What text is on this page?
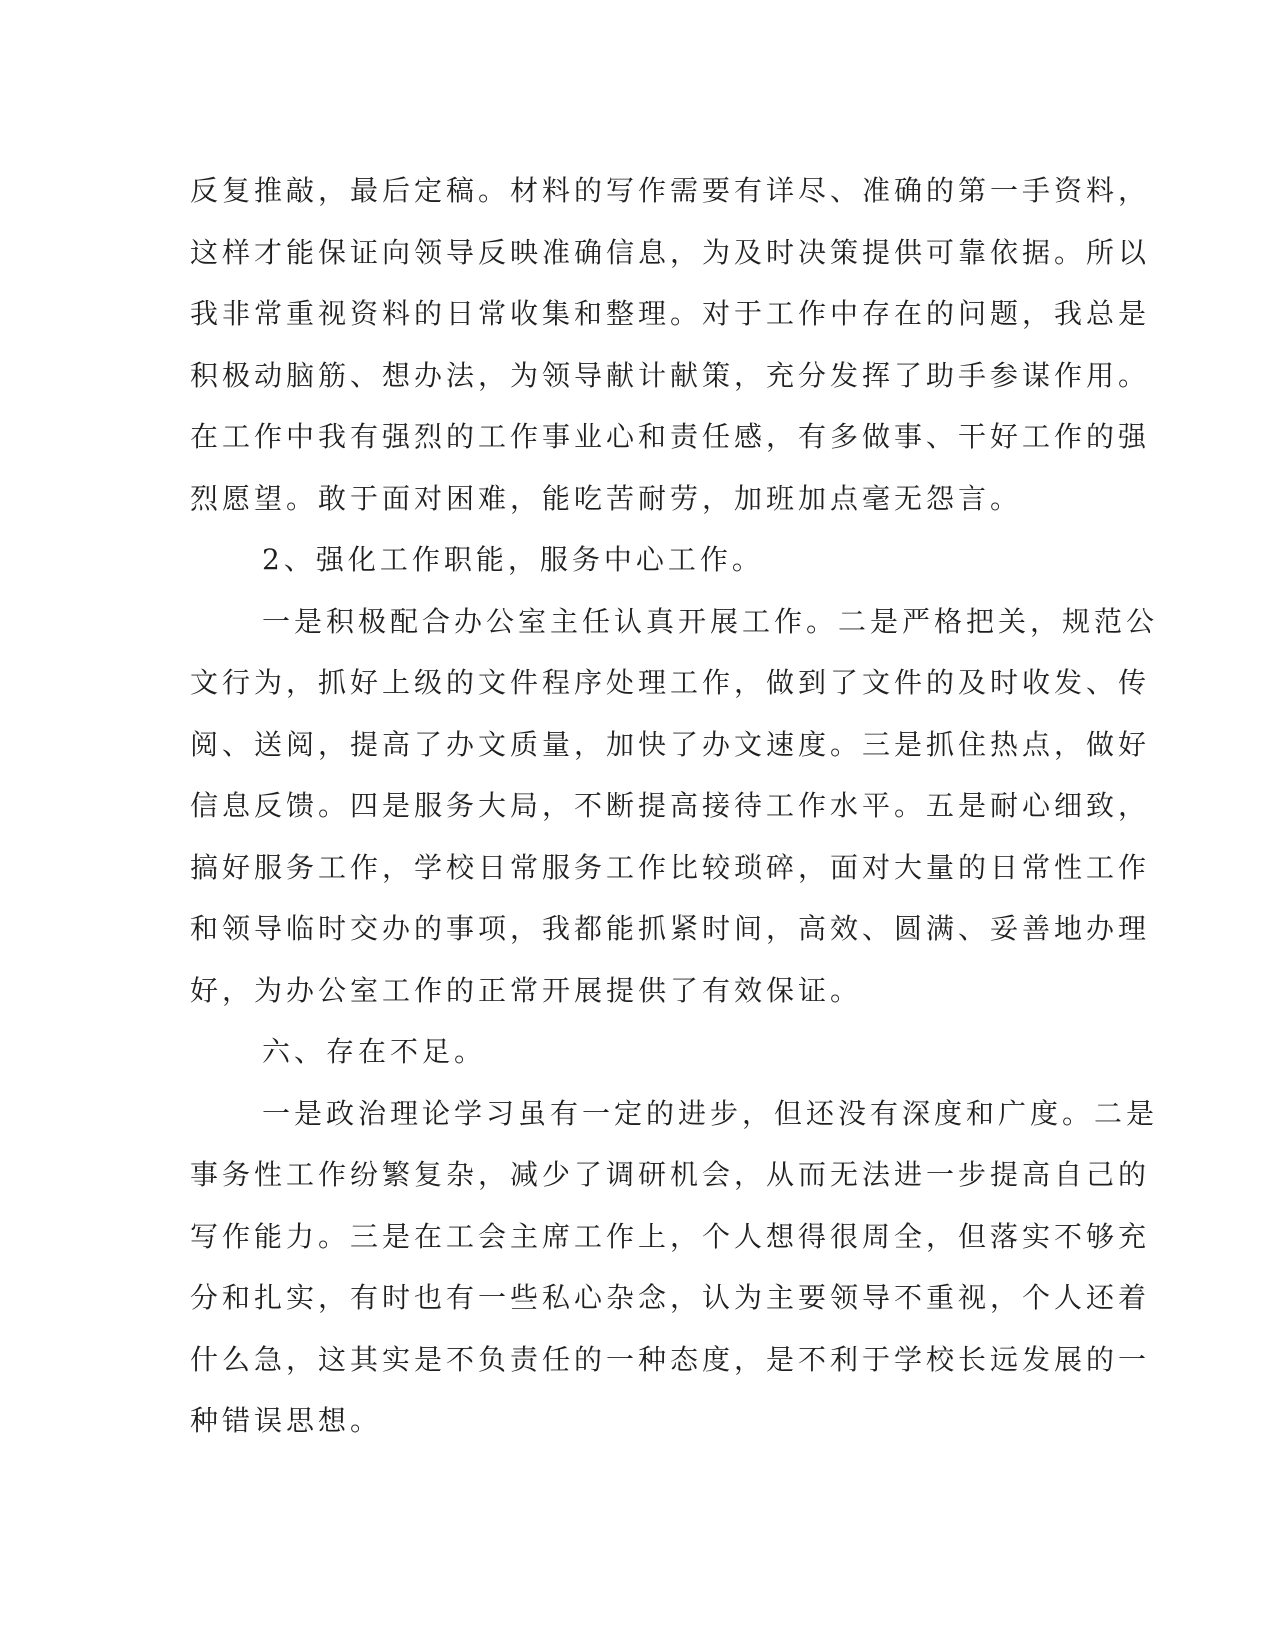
反复推敲，最后定稿。材料的写作需要有详尽、准确的第一手资料，
这样才能保证向领导反映准确信息，为及时决策提供可靠依据。所以
我非常重视资料的日常收集和整理。对于工作中存在的问题，我总是
积极动脑筋、想办法，为领导献计献策，充分发挥了助手参谋作用。
在工作中我有强烈的工作事业心和责任感，有多做事、干好工作的强
烈愿望。敢于面对困难，能吃苦耐劳，加班加点毫无怨言。
2、强化工作职能，服务中心工作。
一是积极配合办公室主任认真开展工作。二是严格把关，规范公
文行为，抓好上级的文件程序处理工作，做到了文件的及时收发、传
阅、送阅，提高了办文质量，加快了办文速度。三是抓住热点，做好
信息反馈。四是服务大局，不断提高接待工作水平。五是耐心细致，
搞好服务工作，学校日常服务工作比较琐碎，面对大量的日常性工作
和领导临时交办的事项，我都能抓紧时间，高效、圆满、妥善地办理
好，为办公室工作的正常开展提供了有效保证。
六、存在不足。
一是政治理论学习虽有一定的进步，但还没有深度和广度。二是
事务性工作纷繁复杂，减少了调研机会，从而无法进一步提高自己的
写作能力。三是在工会主席工作上，个人想得很周全，但落实不够充
分和扎实，有时也有一些私心杂念，认为主要领导不重视，个人还着
什么急，这其实是不负责任的一种态度，是不利于学校长远发展的一
种错误思想。
